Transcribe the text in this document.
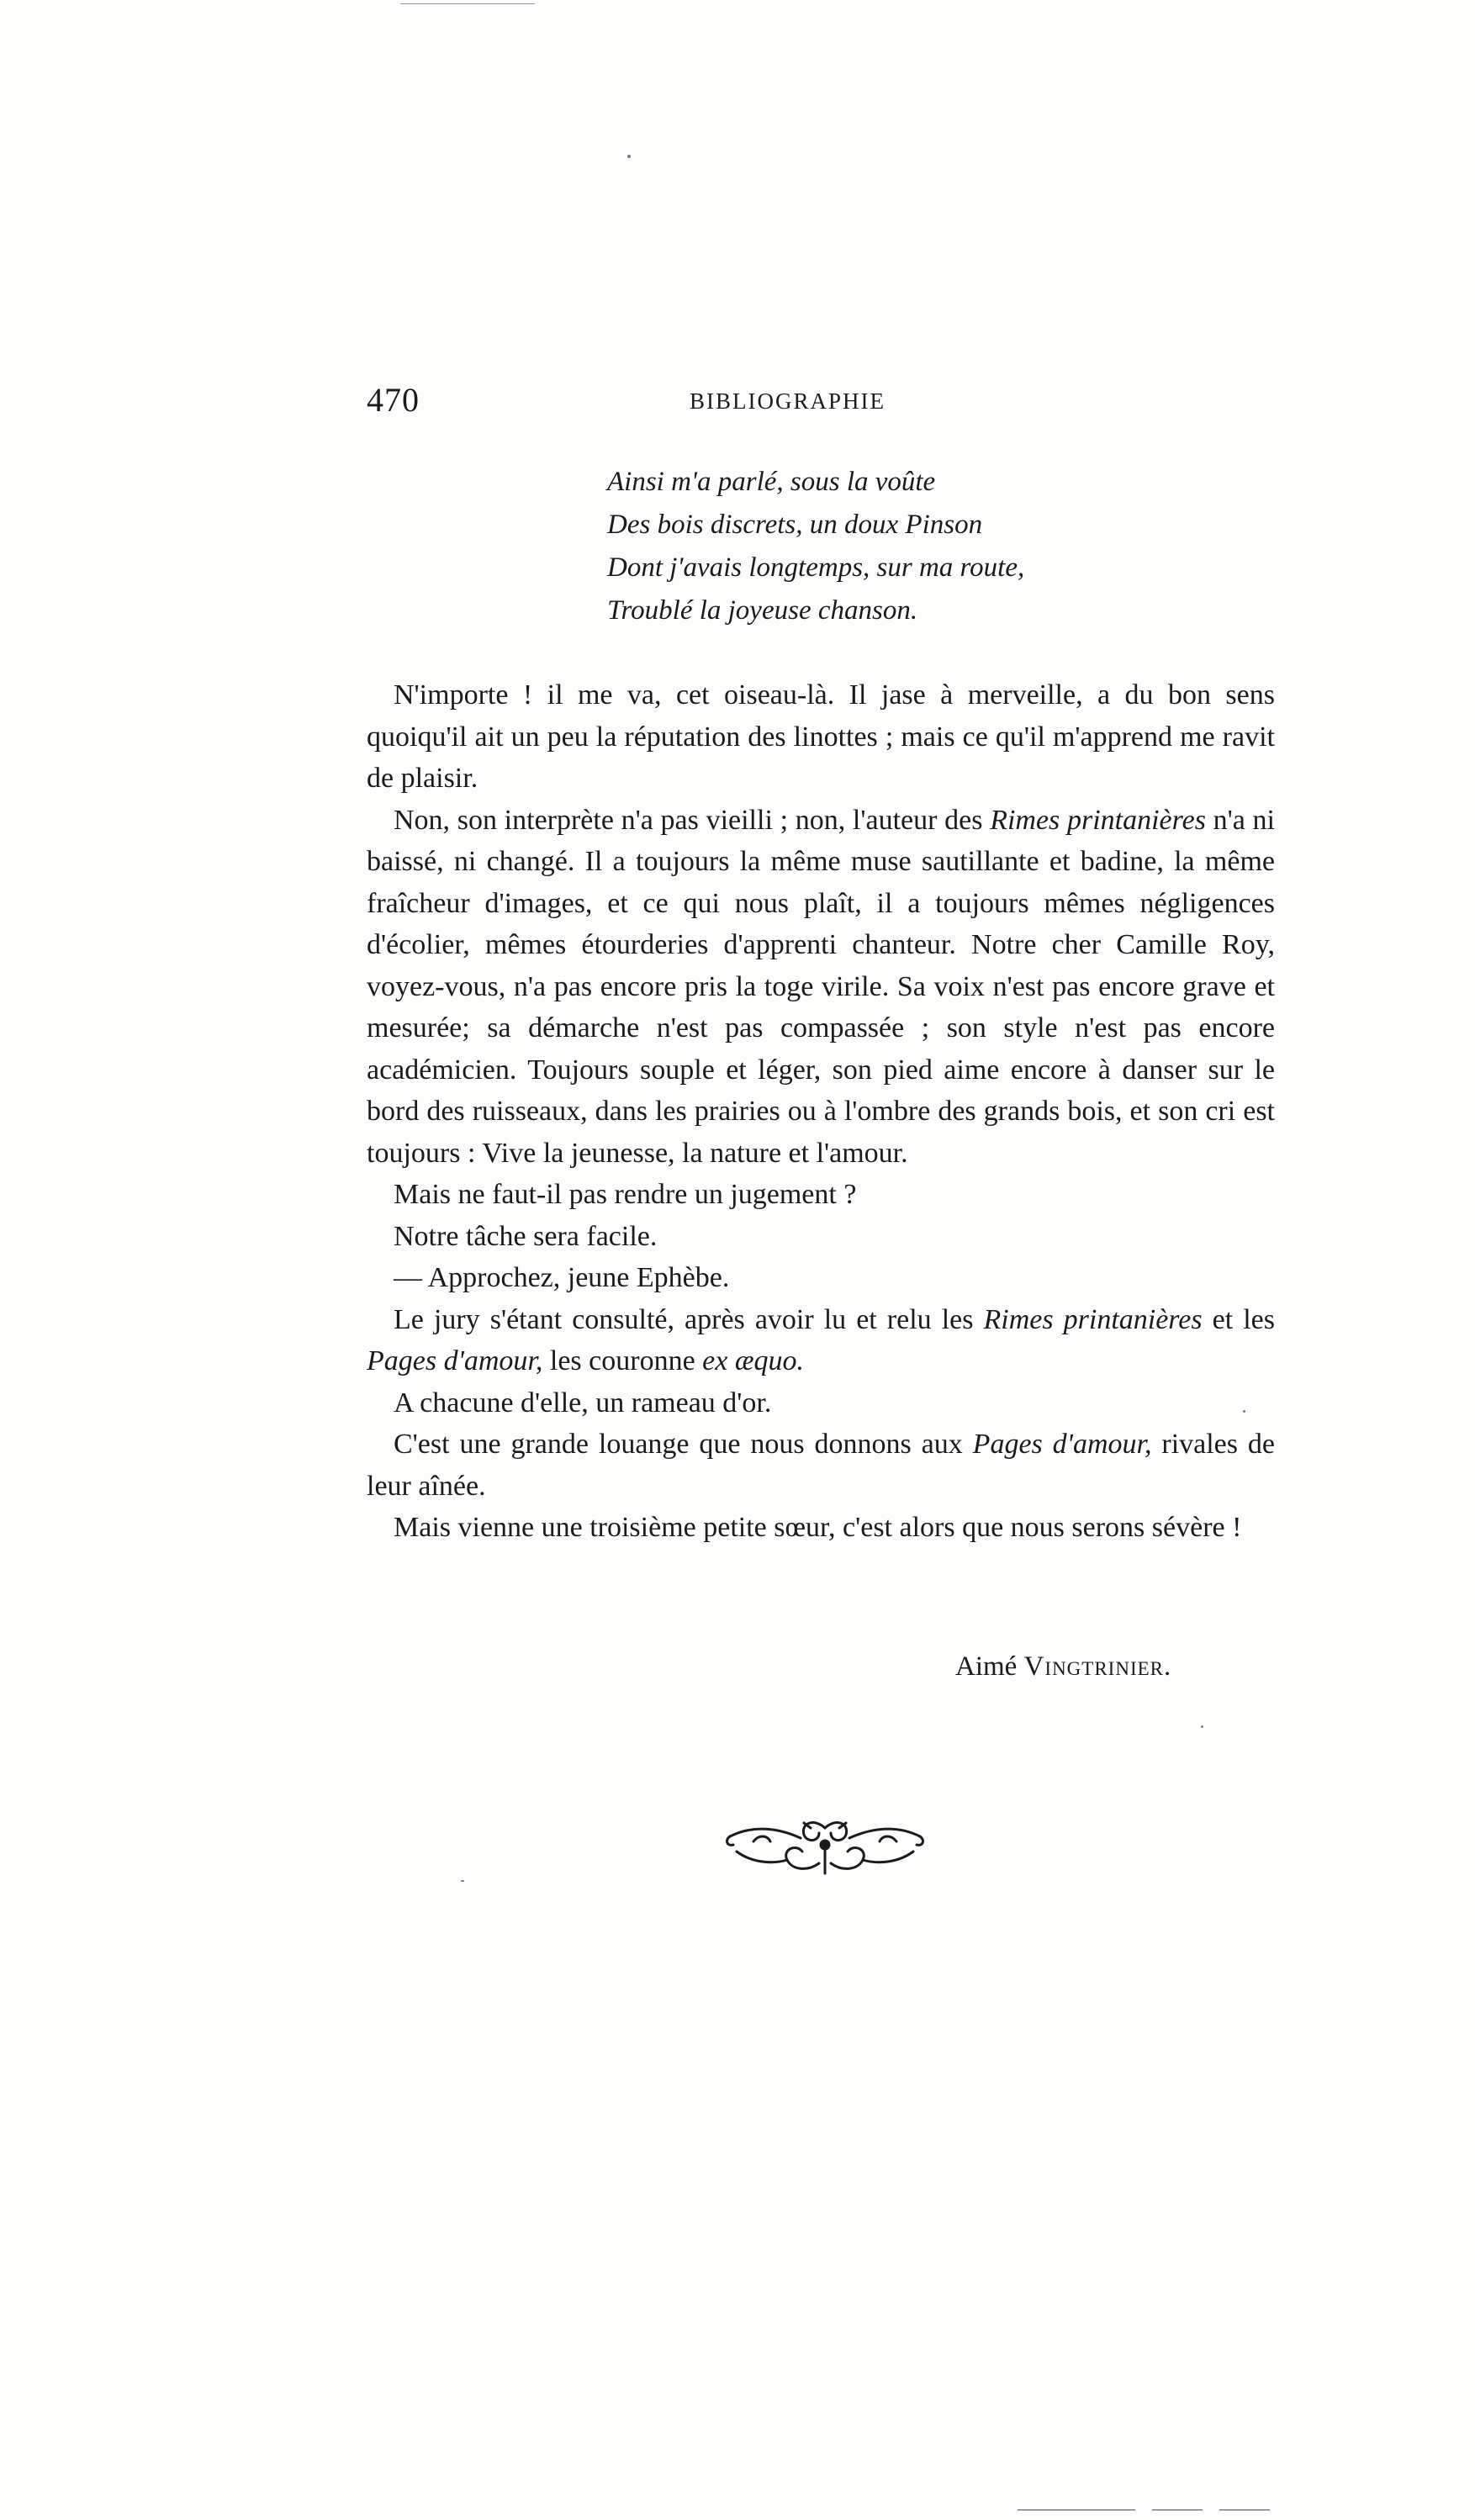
470	BIBLIOGRAPHIE
Ainsi m'a parlé, sous la voûte
Des bois discrets, un doux Pinson
Dont j'avais longtemps, sur ma route,
Troublé la joyeuse chanson.

N'importe ! il me va, cet oiseau-là. Il jase à merveille, a du bon sens quoiqu'il ait un peu la réputation des linottes ; mais ce qu'il m'apprend me ravit de plaisir.

Non, son interprète n'a pas vieilli ; non, l'auteur des Rimes printanières n'a ni baissé, ni changé. Il a toujours la même muse sautillante et badine, la même fraîcheur d'images, et ce qui nous plaît, il a toujours mêmes négligences d'écolier, mêmes étourderies d'apprenti chanteur. Notre cher Camille Roy, voyez-vous, n'a pas encore pris la toge virile. Sa voix n'est pas encore grave et mesurée; sa démarche n'est pas compassée ; son style n'est pas encore académicien. Toujours souple et léger, son pied aime encore à danser sur le bord des ruisseaux, dans les prairies ou à l'ombre des grands bois, et son cri est toujours : Vive la jeunesse, la nature et l'amour.

Mais ne faut-il pas rendre un jugement ?

Notre tâche sera facile.

— Approchez, jeune Ephèbe.

Le jury s'étant consulté, après avoir lu et relu les Rimes printanières et les Pages d'amour, les couronne ex æquo.

A chacune d'elle, un rameau d'or.

C'est une grande louange que nous donnons aux Pages d'amour, rivales de leur aînée.

Mais vienne une troisième petite sœur, c'est alors que nous serons sévère !

Aimé Vingtrinier.
